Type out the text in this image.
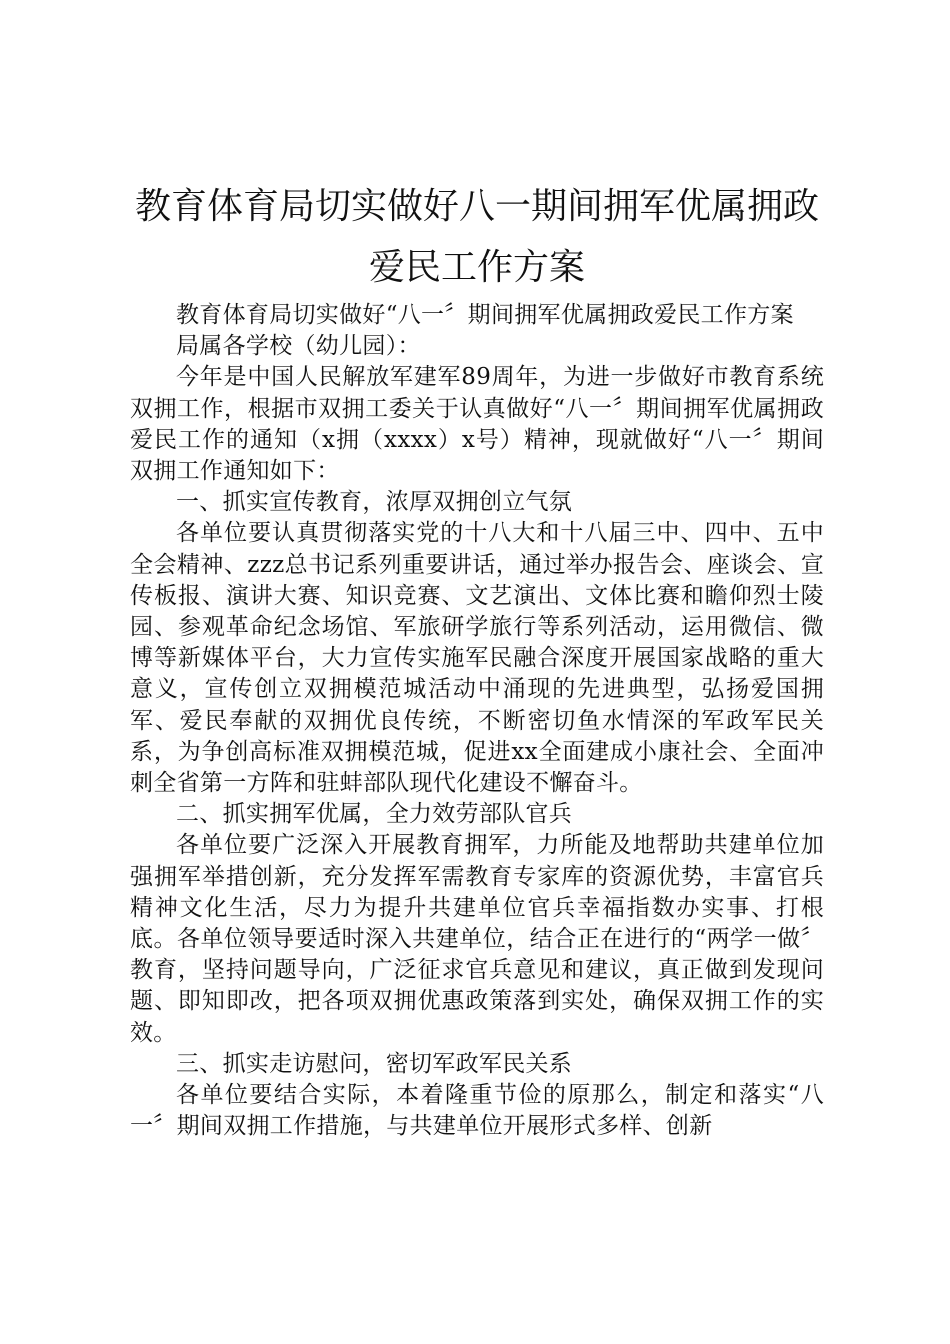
教育体育局切实做好八一期间拥军优属拥政爱民工作方案

教育体育局切实做好“八一〞期间拥军优属拥政爱民工作方案

局属各学校（幼儿园）：

今年是中国人民解放军建军89周年，为进一步做好市教育系统双拥工作，根据市双拥工委关于认真做好“八一〞期间拥军优属拥政爱民工作的通知（x拥（xxxx）x号）精神，现就做好“八一〞期间双拥工作通知如下：

一、抓实宣传教育，浓厚双拥创立气氛

各单位要认真贯彻落实党的十八大和十八届三中、四中、五中全会精神、zzz总书记系列重要讲话，通过举办报告会、座谈会、宣传板报、演讲大赛、知识竞赛、文艺演出、文体比赛和瞻仰烈士陵园、参观革命纪念场馆、军旅研学旅行等系列活动，运用微信、微博等新媒体平台，大力宣传实施军民融合深度开展国家战略的重大意义，宣传创立双拥模范城活动中涌现的先进典型，弘扬爱国拥军、爱民奉献的双拥优良传统，不断密切鱼水情深的军政军民关系，为争创高标准双拥模范城，促进xx全面建成小康社会、全面冲刺全省第一方阵和驻蚌部队现代化建设不懈奋斗。

二、抓实拥军优属，全力效劳部队官兵

各单位要广泛深入开展教育拥军，力所能及地帮助共建单位加强拥军举措创新，充分发挥军需教育专家库的资源优势，丰富官兵精神文化生活，尽力为提升共建单位官兵幸福指数办实事、打根底。各单位领导要适时深入共建单位，结合正在进行的“两学一做〞教育，坚持问题导向，广泛征求官兵意见和建议，真正做到发现问题、即知即改，把各项双拥优惠政策落到实处，确保双拥工作的实效。

三、抓实走访慰问，密切军政军民关系

各单位要结合实际，本着隆重节俭的原那么，制定和落实“八一〞期间双拥工作措施，与共建单位开展形式多样、创新
